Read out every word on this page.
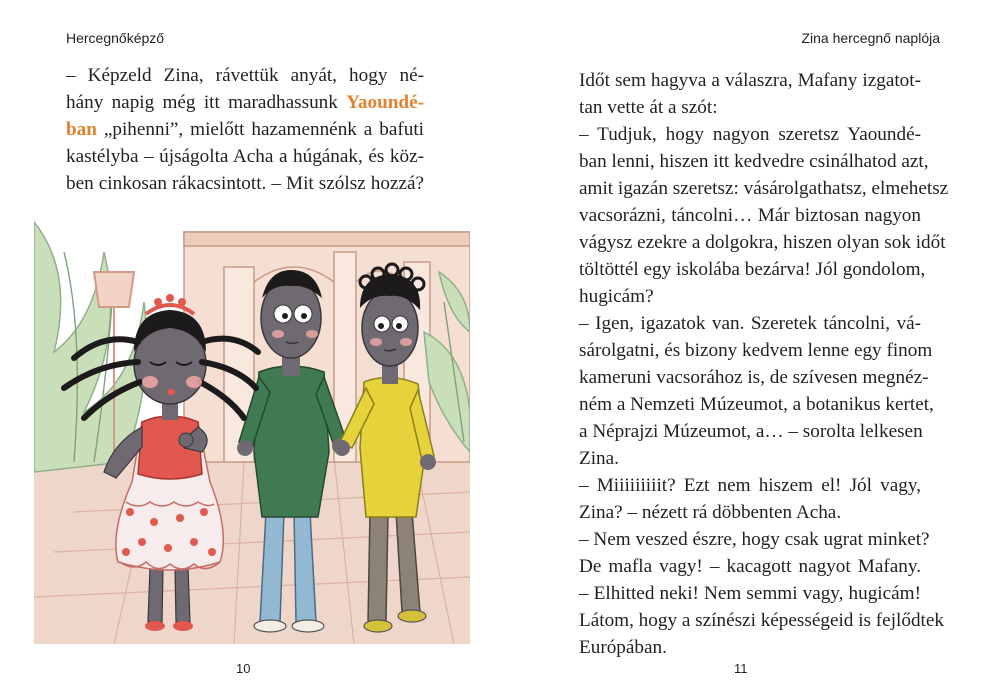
Hercegnőképző
– Képzeld Zina, rávettük anyát, hogy né-
hány napig még itt maradhassunk Yaoundé-
ban „pihenni”, mielőtt hazamennénk a bafuti
kastélyba – újságolta Acha a húgának, és köz-
ben cinkosan rákacsintott. – Mit szólsz hozzá?
10
Zina hercegnő naplója
Időt sem hagyva a válaszra, Mafany izgatot-
tan vette át a szót:
– Tudjuk, hogy nagyon szeretsz Yaoundé-
ban lenni, hiszen itt kedvedre csinálhatod azt,
amit igazán szeretsz: vásárolgathatsz, elmehetsz
vacsorázni, táncolni… Már biztosan nagyon
vágysz ezekre a dolgokra, hiszen olyan sok időt
töltöttél egy iskolába bezárva! Jól gondolom,
hugicám?
– Igen, igazatok van. Szeretek táncolni, vá-
sárolgatni, és bizony kedvem lenne egy finom
kameruni vacsorához is, de szívesen megnéz-
ném a Nemzeti Múzeumot, a botanikus kertet,
a Néprajzi Múzeumot, a… – sorolta lelkesen
Zina.
– Miiiiiiiiit? Ezt nem hiszem el! Jól vagy,
Zina? – nézett rá döbbenten Acha.
– Nem veszed észre, hogy csak ugrat minket?
De mafla vagy! – kacagott nagyot Mafany.
– Elhitted neki! Nem semmi vagy, hugicám!
Látom, hogy a színészi képességeid is fejlődtek
Európában.
11
